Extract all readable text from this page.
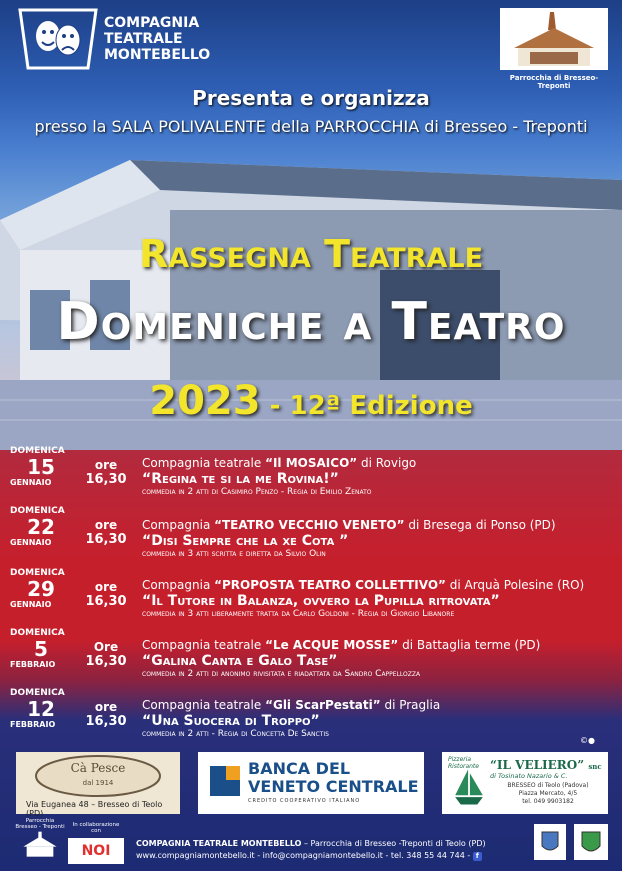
COMPAGNIA
TEATRALE
MONTEBELLO
Parrocchia di Bresseo-Treponti
Presenta e organizza
presso la SALA POLIVALENTE della PARROCCHIA di Bresseo - Treponti
Rassegna Teatrale
Domeniche a Teatro
2023 - 12ª Edizione
DOMENICA
15
GENNAIO
ore
16,30
Compagnia teatrale “Il MOSAICO” di Rovigo
“Regina te si la me Rovina!”
commedia in 2 atti di Casimiro Penzo - Regia di Emilio Zenato
DOMENICA
22
GENNAIO
ore
16,30
Compagnia “TEATRO VECCHIO VENETO” di Bresega di Ponso (PD)
“Disi Sempre che la xe Cota ”
commedia in 3 atti scritta e diretta da Silvio Olin
DOMENICA
29
GENNAIO
ore
16,30
Compagnia “PROPOSTA TEATRO COLLETTIVO” di Arquà Polesine (RO)
“Il Tutore in Balanza, ovvero la Pupilla ritrovata”
commedia in 3 atti liberamente tratta da Carlo Goldoni - Regia di Giorgio Libanore
DOMENICA
5
FEBBRAIO
Ore
16,30
Compagnia teatrale “Le ACQUE MOSSE” di Battaglia terme (PD)
“Galina Canta e Galo Tase”
commedia in 2 atti di anonimo rivisitata e riadattata da Sandro Cappellozza
DOMENICA
12
FEBBRAIO
ore
16,30
Compagnia teatrale “Gli ScarPestati” di Praglia
“Una Suocera di Troppo”
commedia in 2 atti - Regia di Concetta De Sanctis
©●
Cà Pesce
dal 1914
Via Euganea 48 – Bresseo di Teolo (PD)
BANCA DEL
VENETO CENTRALE
CREDITO COOPERATIVO ITALIANO
Pizzeria Ristorante “IL VELIERO” snc
di Tosinato Nazario & C.
BRESSEO di Teolo (Padova)
Piazza Mercato, 4/5
tel. 049 9903182
Parrocchia
Bresseo - Treponti	In collaborazione con
NOI	COMPAGNIA TEATRALE MONTEBELLO – Parrocchia di Bresseo -Treponti di Teolo (PD)
www.compagniamontebello.it - info@compagniamontebello.it - tel. 348 55 44 744 - f
